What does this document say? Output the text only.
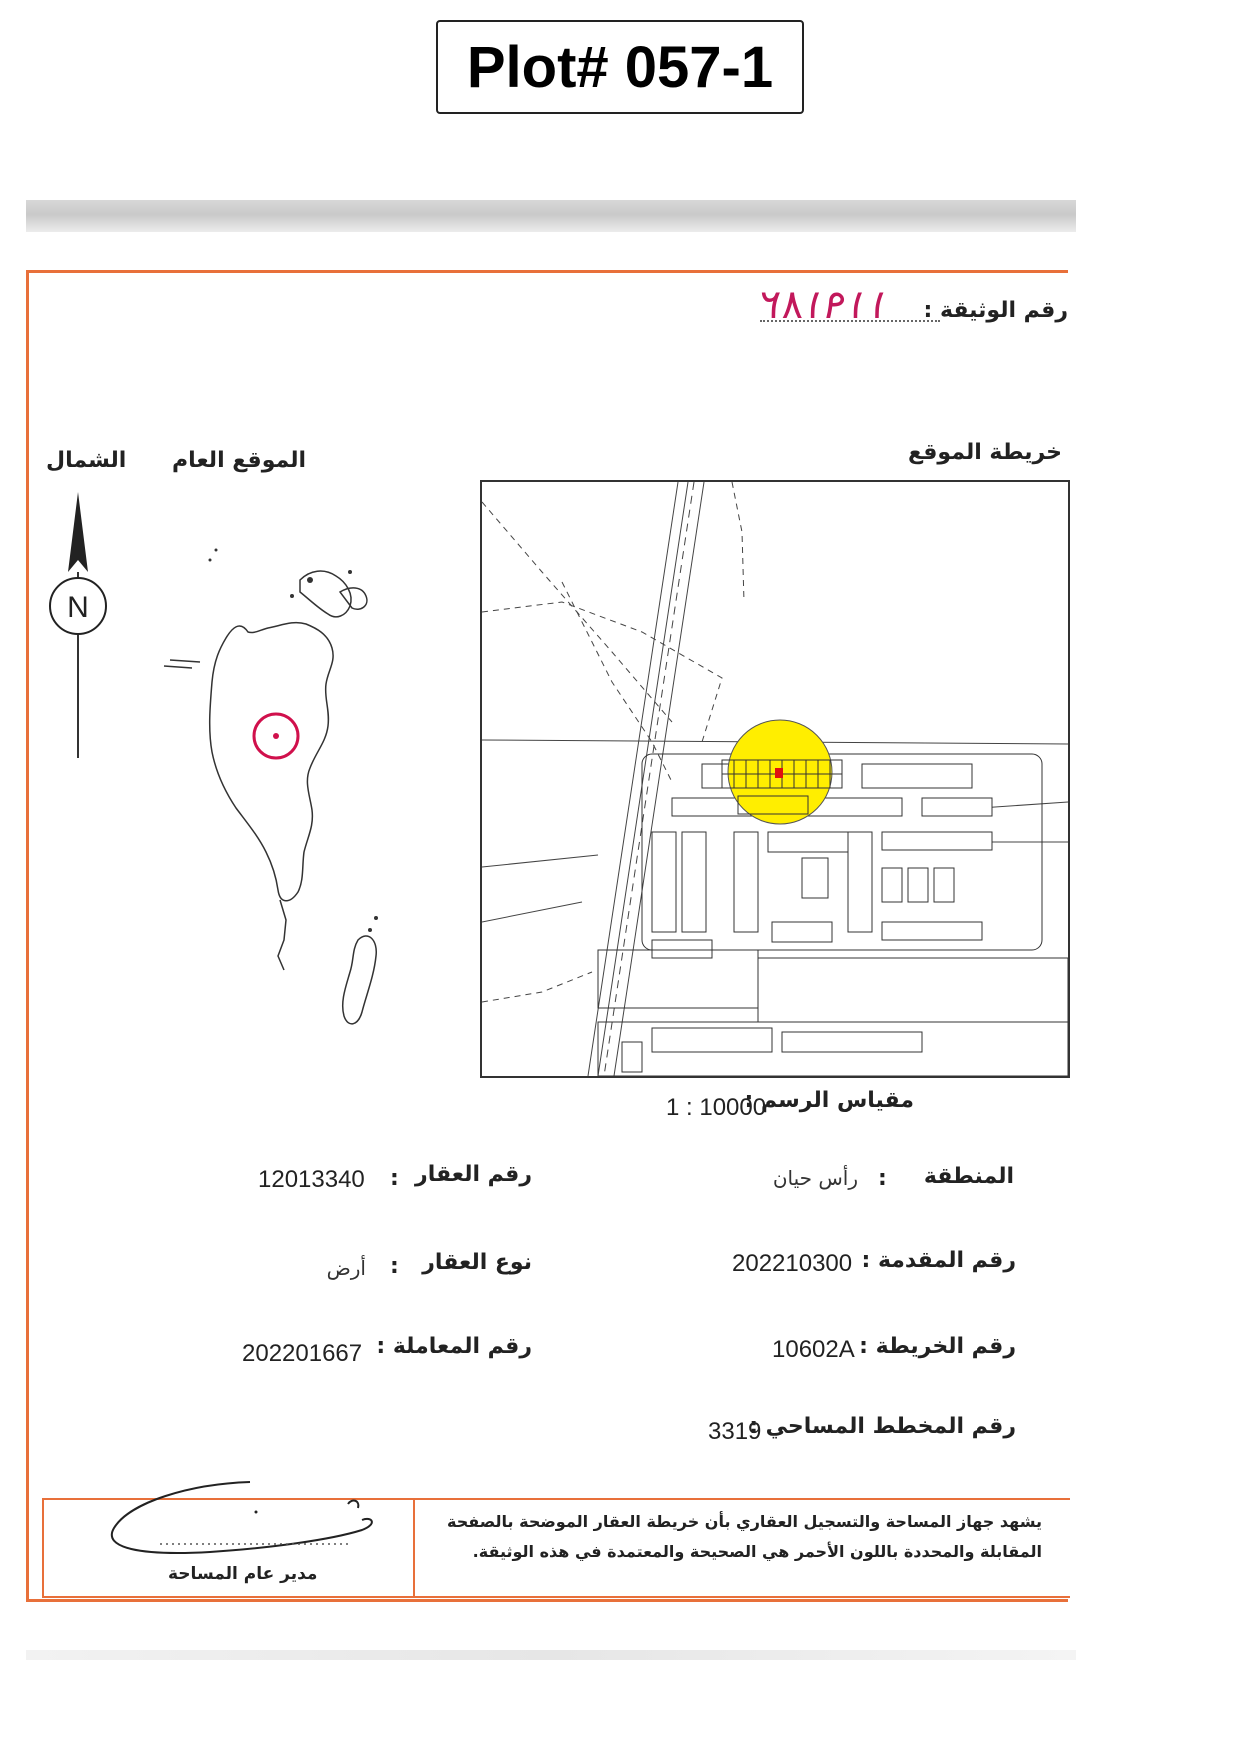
Plot# 057-1
رقم الوثيقة :
١١٩١٨٢
خريطة الموقع
الموقع العام
الشمال
N
مقياس الرسم :
1 : 10000
المنطقة
:
رأس حيان
رقم المقدمة :
202210300
رقم الخريطة :
10602A
رقم المخطط المساحي :
3319
رقم العقار
:
12013340
نوع العقار
:
أرض
رقم المعاملة :
202201667
يشهد جهاز المساحة والتسجيل العقاري بأن خريطة العقار الموضحة بالصفحة
المقابلة والمحددة باللون الأحمر هي الصحيحة والمعتمدة في هذه الوثيقة.
مدير عام المساحة
